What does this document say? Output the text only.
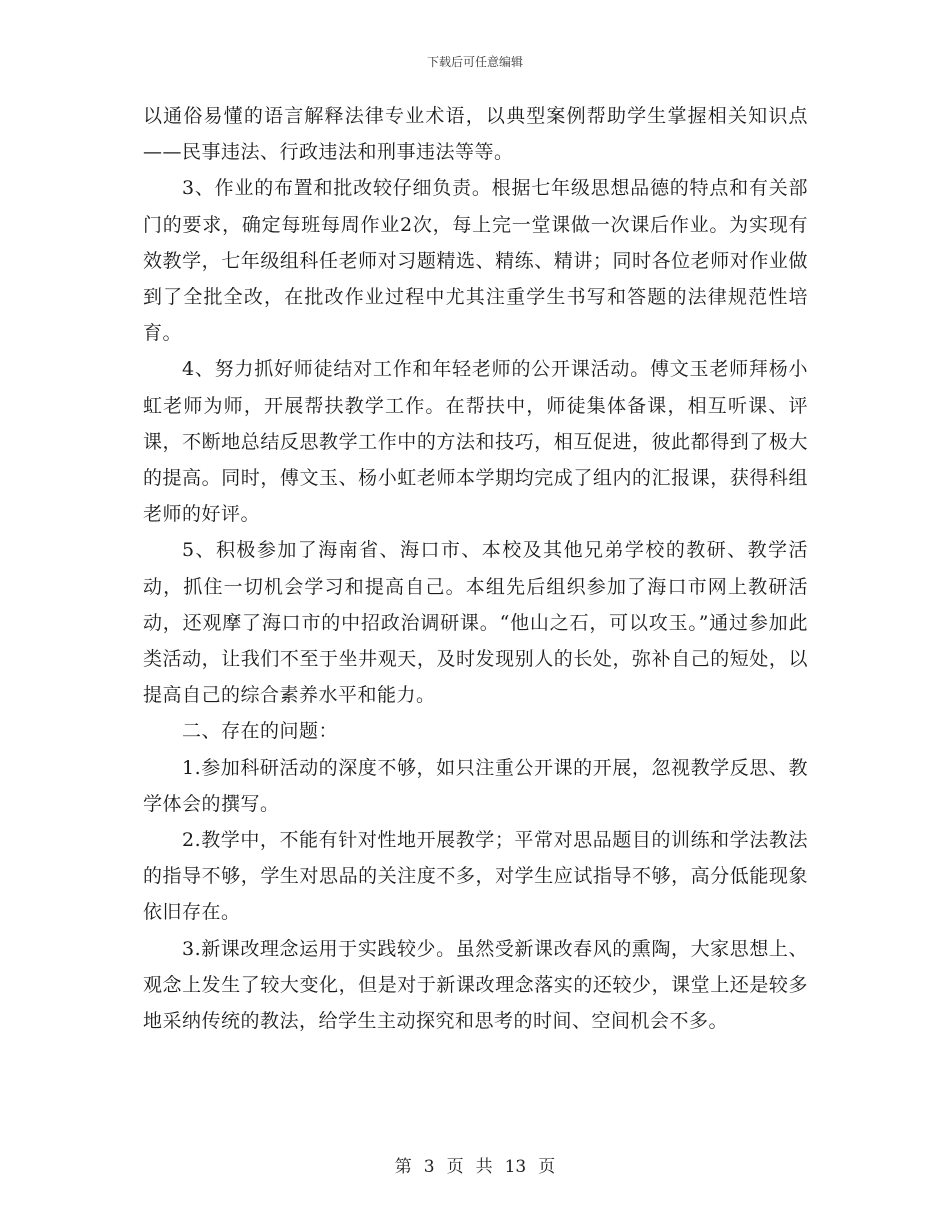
下载后可任意编辑

以通俗易懂的语言解释法律专业术语，以典型案例帮助学生掌握相关知识点——民事违法、行政违法和刑事违法等等。

3、作业的布置和批改较仔细负责。根据七年级思想品德的特点和有关部门的要求，确定每班每周作业2次，每上完一堂课做一次课后作业。为实现有效教学，七年级组科任老师对习题精选、精练、精讲；同时各位老师对作业做到了全批全改，在批改作业过程中尤其注重学生书写和答题的法律规范性培育。

4、努力抓好师徒结对工作和年轻老师的公开课活动。傅文玉老师拜杨小虹老师为师，开展帮扶教学工作。在帮扶中，师徒集体备课，相互听课、评课，不断地总结反思教学工作中的方法和技巧，相互促进，彼此都得到了极大的提高。同时，傅文玉、杨小虹老师本学期均完成了组内的汇报课，获得科组老师的好评。

5、积极参加了海南省、海口市、本校及其他兄弟学校的教研、教学活动，抓住一切机会学习和提高自己。本组先后组织参加了海口市网上教研活动，还观摩了海口市的中招政治调研课。“他山之石，可以攻玉。”通过参加此类活动，让我们不至于坐井观天，及时发现别人的长处，弥补自己的短处，以提高自己的综合素养水平和能力。

二、存在的问题：

1.参加科研活动的深度不够，如只注重公开课的开展，忽视教学反思、教学体会的撰写。

2.教学中，不能有针对性地开展教学；平常对思品题目的训练和学法教法的指导不够，学生对思品的关注度不多，对学生应试指导不够，高分低能现象依旧存在。

3.新课改理念运用于实践较少。虽然受新课改春风的熏陶，大家思想上、观念上发生了较大变化，但是对于新课改理念落实的还较少，课堂上还是较多地采纳传统的教法，给学生主动探究和思考的时间、空间机会不多。

第 3 页 共 13 页
